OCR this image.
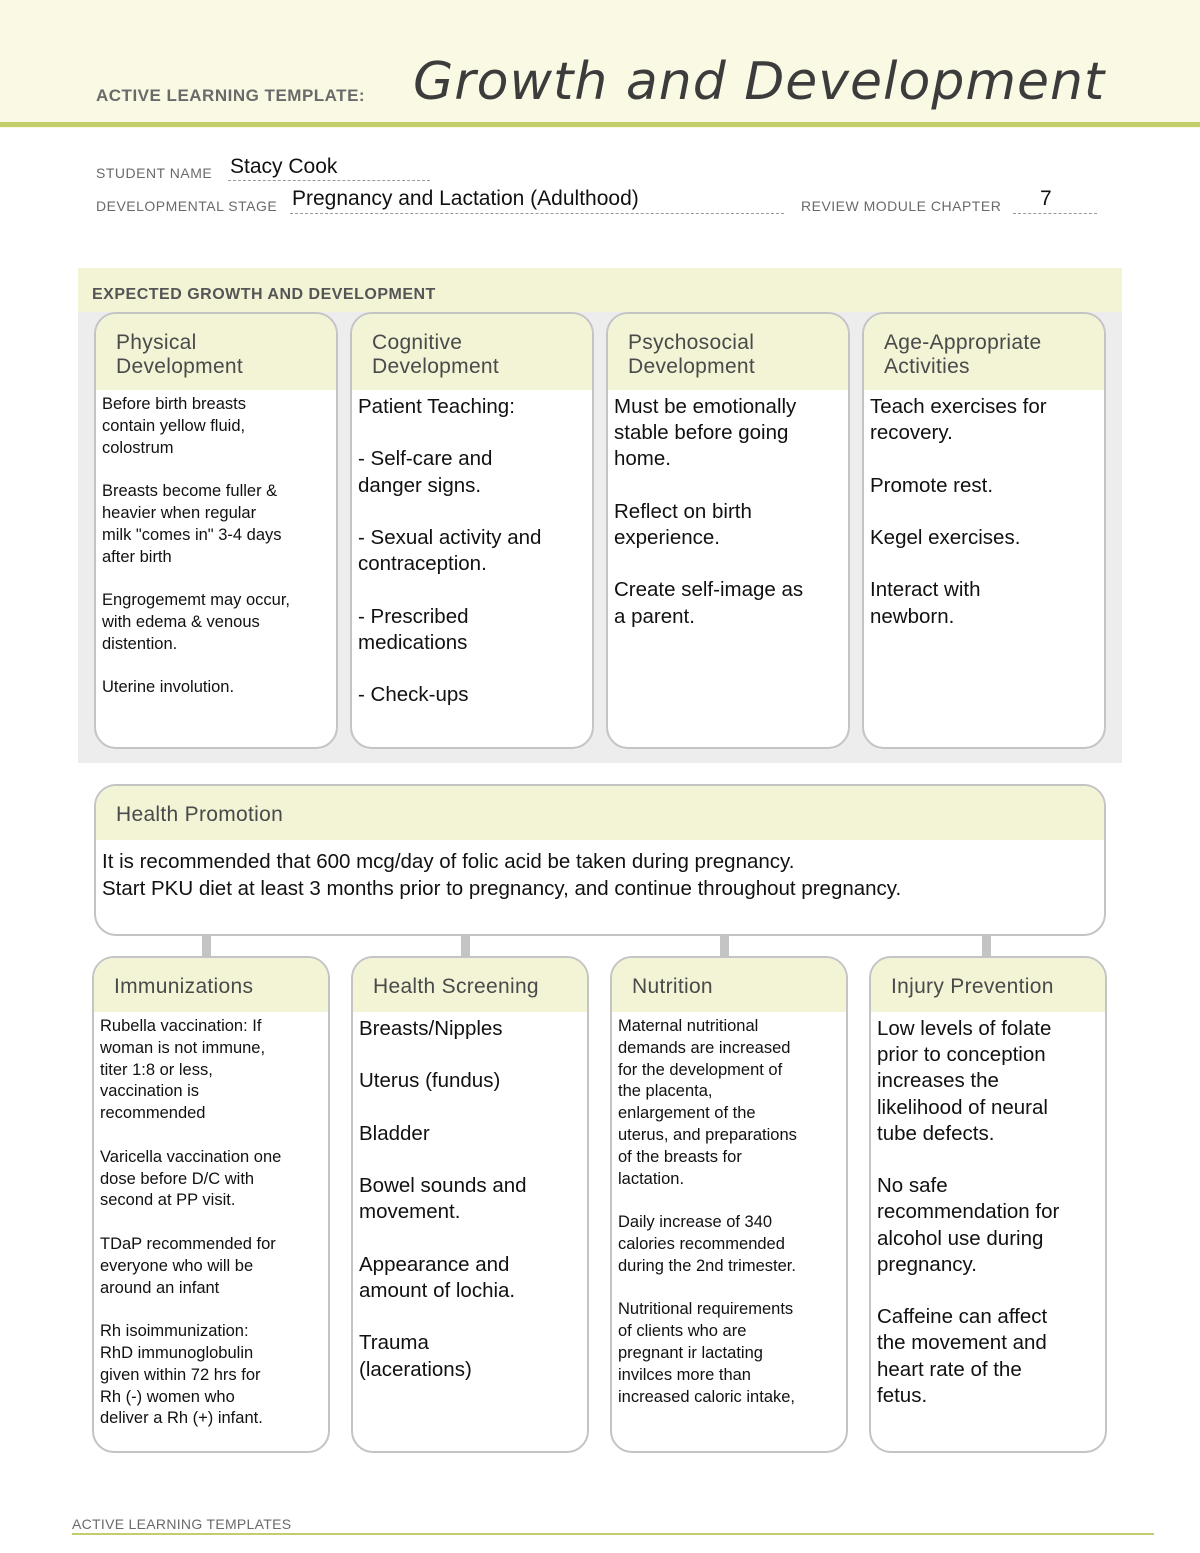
ACTIVE LEARNING TEMPLATE: Growth and Development
STUDENT NAME Stacy Cook
DEVELOPMENTAL STAGE Pregnancy and Lactation (Adulthood)	REVIEW MODULE CHAPTER 7
EXPECTED GROWTH AND DEVELOPMENT
Physical
Development
Before birth breasts
contain yellow fluid,
colostrum

Breasts become fuller &
heavier when regular
milk "comes in" 3-4 days
after birth

Engrogememt may occur,
with edema & venous
distention.

Uterine involution.
Cognitive
Development
Patient Teaching:

- Self-care and
danger signs.

- Sexual activity and
contraception.

- Prescribed
medications

- Check-ups
Psychosocial
Development
Must be emotionally
stable before going
home.

Reflect on birth
experience.

Create self-image as
a parent.
Age-Appropriate
Activities
Teach exercises for
recovery.

Promote rest.

Kegel exercises.

Interact with
newborn.
Health Promotion
It is recommended that 600 mcg/day of folic acid be taken during pregnancy.
Start PKU diet at least 3 months prior to pregnancy, and continue throughout pregnancy.
Immunizations
Rubella vaccination: If
woman is not immune,
titer 1:8 or less,
vaccination is
recommended

Varicella vaccination one
dose before D/C with
second at PP visit.

TDaP recommended for
everyone who will be
around an infant

Rh isoimmunization:
RhD immunoglobulin
given within 72 hrs for
Rh (-) women who
deliver a Rh (+) infant.
Health Screening
Breasts/Nipples

Uterus (fundus)

Bladder

Bowel sounds and
movement.

Appearance and
amount of lochia.

Trauma
(lacerations)
Nutrition
Maternal nutritional
demands are increased
for the development of
the placenta,
enlargement of the
uterus, and preparations
of the breasts for
lactation.

Daily increase of 340
calories recommended
during the 2nd trimester.

Nutritional requirements
of clients who are
pregnant ir lactating
invilces more than
increased caloric intake,
Injury Prevention
Low levels of folate
prior to conception
increases the
likelihood of neural
tube defects.

No safe
recommendation for
alcohol use during
pregnancy.

Caffeine can affect
the movement and
heart rate of the
fetus.
ACTIVE LEARNING TEMPLATES
